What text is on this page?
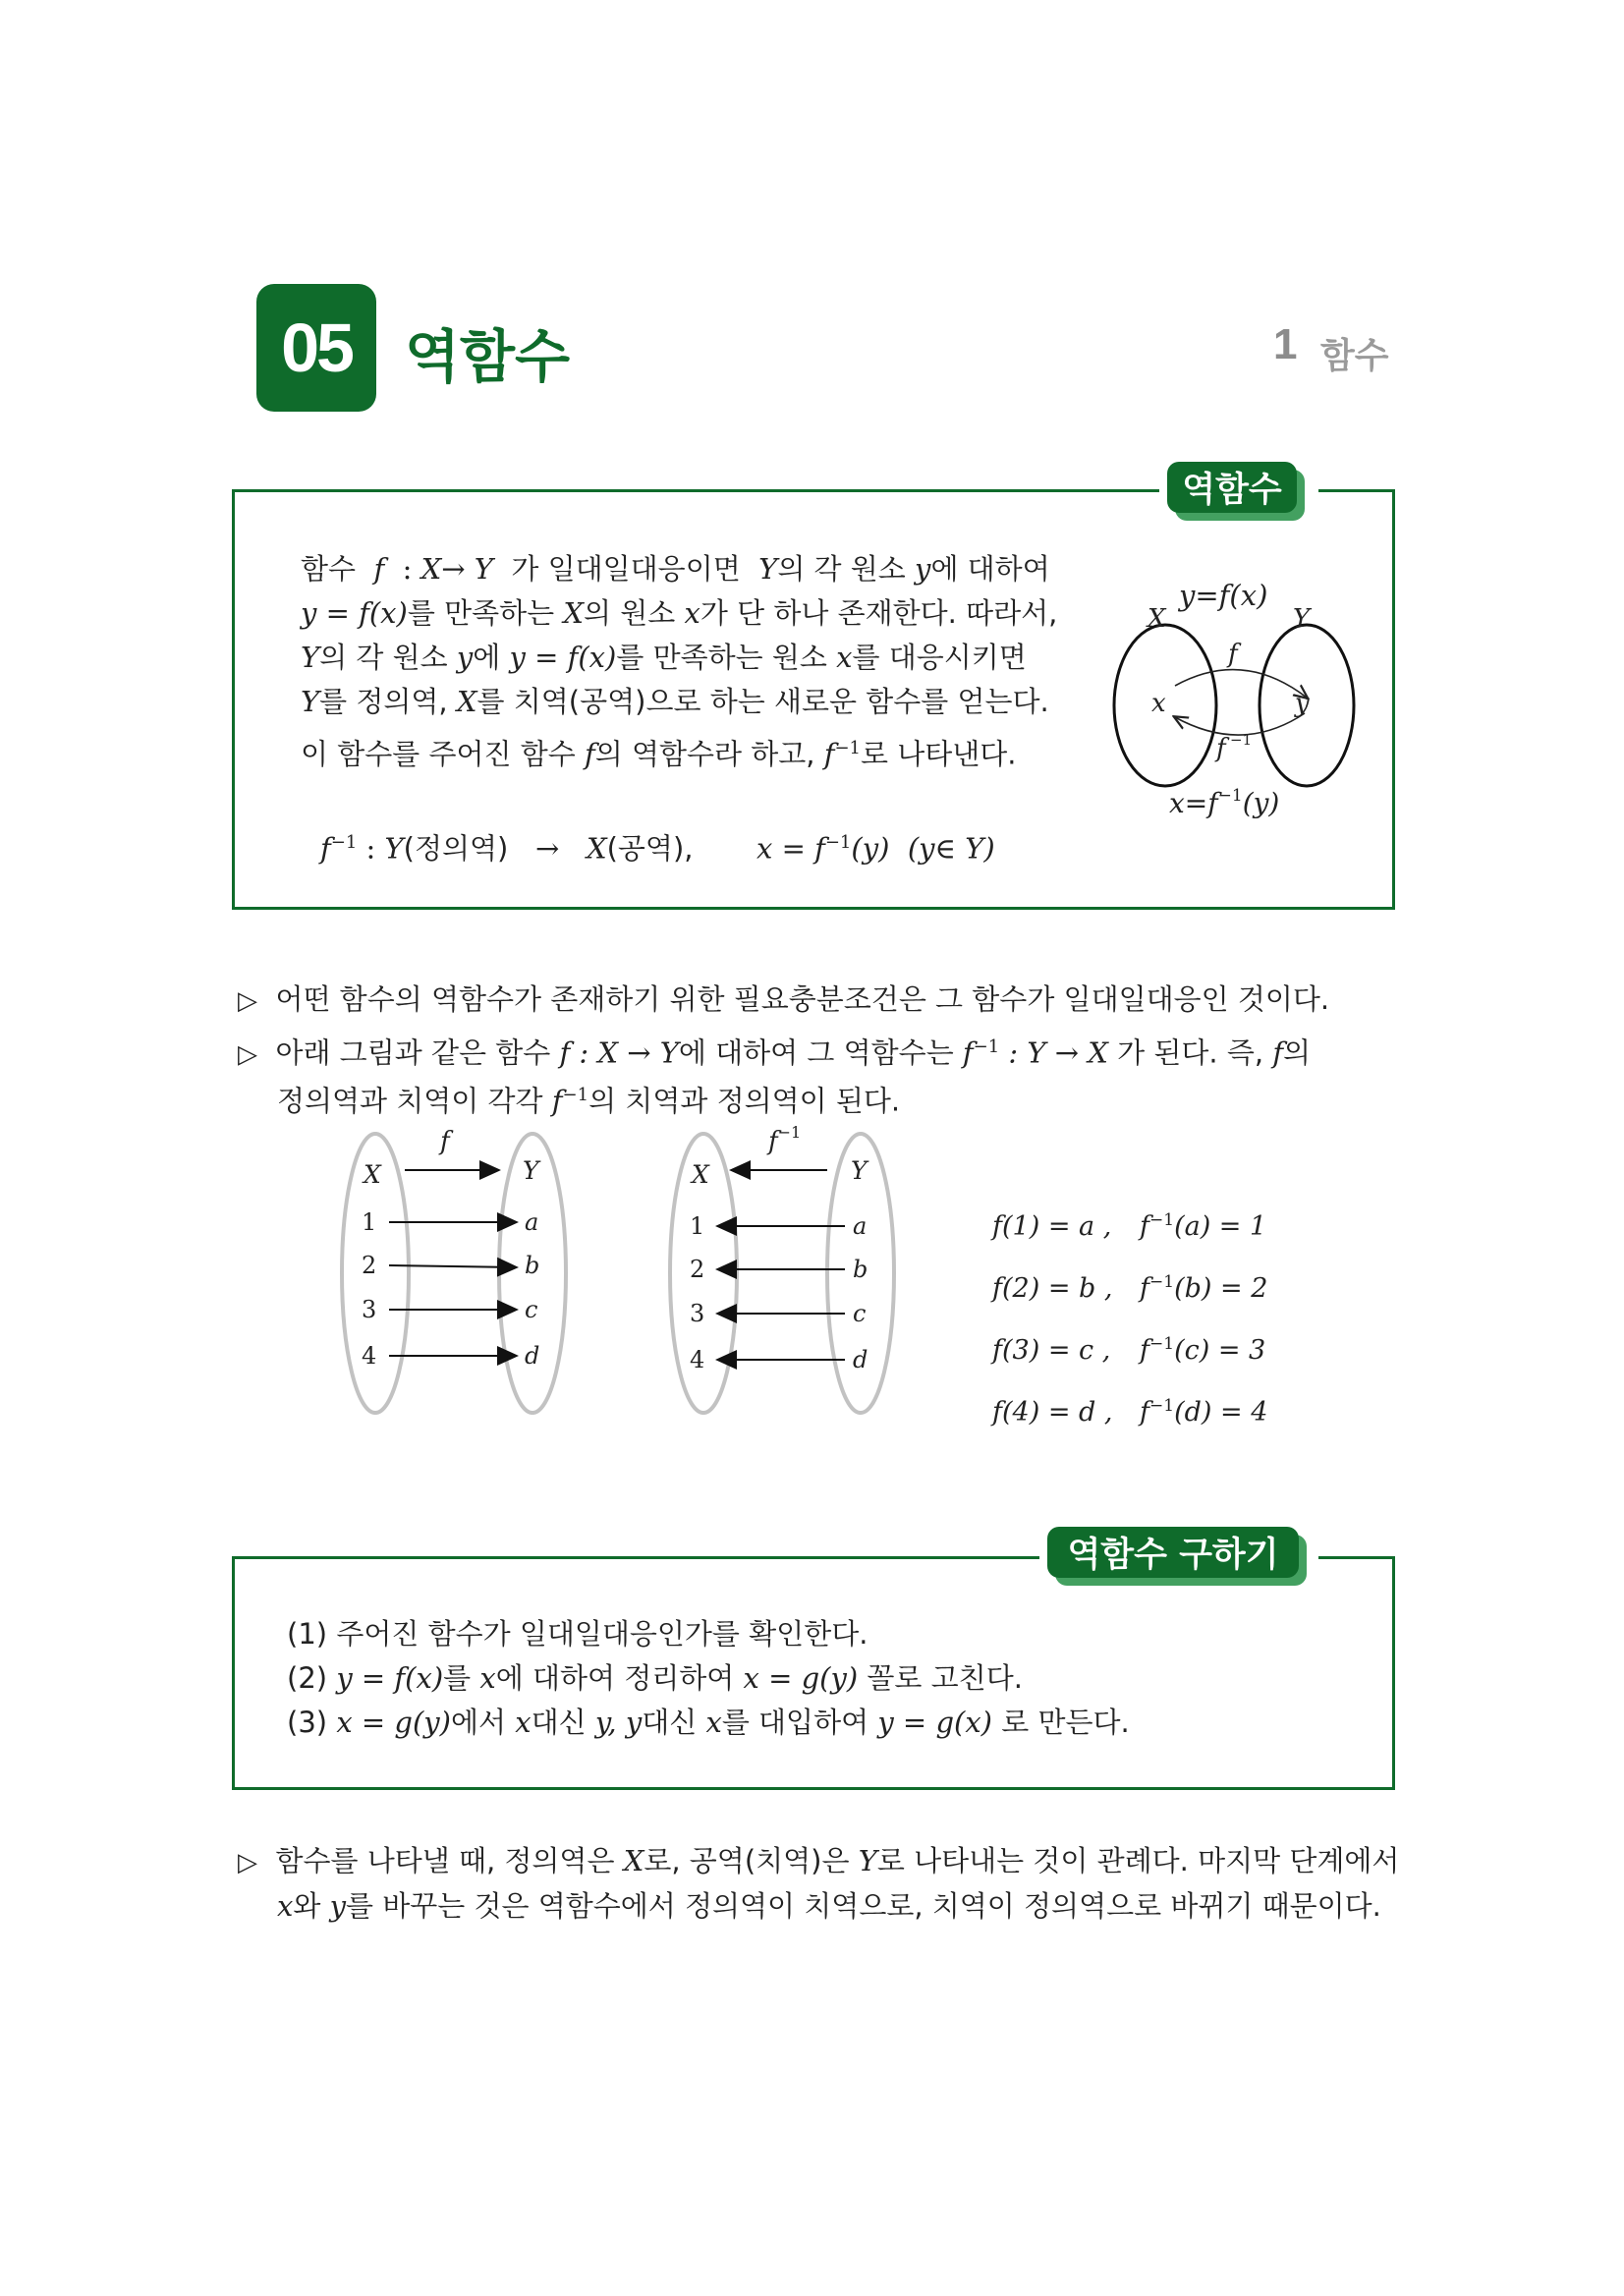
05 역함수	1 함수
역함수
함수 f : X→ Y 가 일대일대응이면 Y의 각 원소 y에 대하여
y = f(x)를 만족하는 X의 원소 x가 단 하나 존재한다. 따라서,
Y의 각 원소 y에 y = f(x)를 만족하는 원소 x를 대응시키면
Y를 정의역, X를 치역(공역)으로 하는 새로운 함수를 얻는다.
이 함수를 주어진 함수 f의 역함수라 하고, $f^{-1}$로 나타낸다.
$f^{-1}$ : Y(정의역) → X(공역), $x = f^{-1}(y)$ (y∈ Y)
y=f(x)
X	Y
x	y
f
f −1
$x=f^{-1}(y)$
▷ 어떤 함수의 역함수가 존재하기 위한 필요충분조건은 그 함수가 일대일대응인 것이다.
▷ 아래 그림과 같은 함수 f : X → Y에 대하여 그 역함수는 $f^{-1}$ : Y → X 가 된다. 즉, f의
정의역과 치역이 각각 $f^{-1}$의 치역과 정의역이 된다.
f
X	Y
1	a
2	b
3	c
4	d
$f^{-1}$
X	Y
1	a
2	b
3	c
4	d
f(1) = a , $f^{-1}(a) = 1$
f(2) = b , $f^{-1}(b) = 2$
f(3) = c , $f^{-1}(c) = 3$
f(4) = d , $f^{-1}(d) = 4$
역함수 구하기
(1) 주어진 함수가 일대일대응인가를 확인한다.
(2) y = f(x)를 x에 대하여 정리하여 x = g(y) 꼴로 고친다.
(3) x = g(y)에서 x대신 y, y대신 x를 대입하여 y = g(x) 로 만든다.
▷ 함수를 나타낼 때, 정의역은 X로, 공역(치역)은 Y로 나타내는 것이 관례다. 마지막 단계에서
x와 y를 바꾸는 것은 역함수에서 정의역이 치역으로, 치역이 정의역으로 바뀌기 때문이다.
